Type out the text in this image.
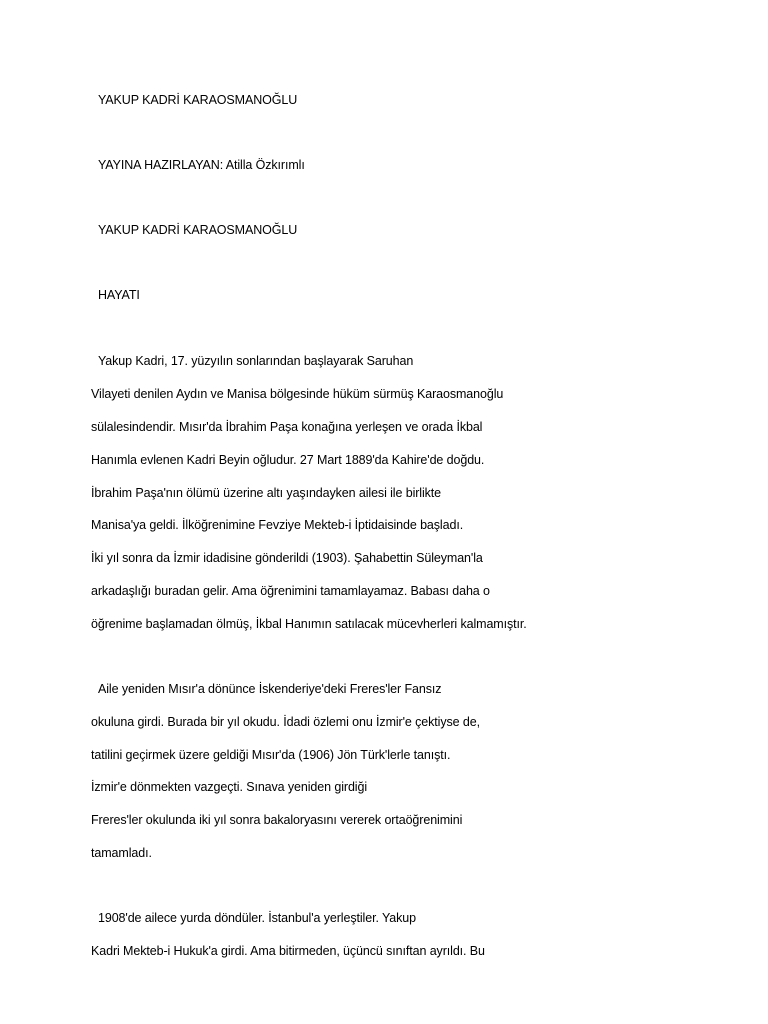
YAKUP KADRİ KARAOSMANOĞLU
YAYINA HAZIRLAYAN: Atilla Özkırımlı
YAKUP KADRİ KARAOSMANOĞLU
HAYATI
Yakup Kadri, 17. yüzyılın sonlarından başlayarak Saruhan
Vilayeti denilen Aydın ve Manisa bölgesinde hüküm sürmüş Karaosmanoğlu
sülalesindendir. Mısır'da İbrahim Paşa konağına yerleşen ve orada İkbal
Hanımla evlenen Kadri Beyin oğludur. 27 Mart 1889'da Kahire'de doğdu.
İbrahim Paşa'nın ölümü üzerine altı yaşındayken ailesi ile birlikte
Manisa'ya geldi. İlköğrenimine Fevziye Mekteb-i İptidaisinde başladı.
İki yıl sonra da İzmir idadisine gönderildi (1903). Şahabettin Süleyman'la
arkadaşlığı buradan gelir. Ama öğrenimini tamamlayamaz. Babası daha o
öğrenime başlamadan ölmüş, İkbal Hanımın satılacak mücevherleri kalmamıştır.
Aile yeniden Mısır'a dönünce İskenderiye'deki Freres'ler Fansız
okuluna girdi. Burada bir yıl okudu. İdadi özlemi onu İzmir'e çektiyse de,
tatilini geçirmek üzere geldiği Mısır'da (1906) Jön Türk'lerle tanıştı.
İzmir'e dönmekten vazgeçti. Sınava yeniden girdiği
Freres'ler okulunda iki yıl sonra bakaloryasını vererek ortaöğrenimini
tamamladı.
1908'de ailece yurda döndüler. İstanbul'a yerleştiler. Yakup
Kadri Mekteb-i Hukuk'a girdi. Ama bitirmeden, üçüncü sınıftan ayrıldı. Bu
